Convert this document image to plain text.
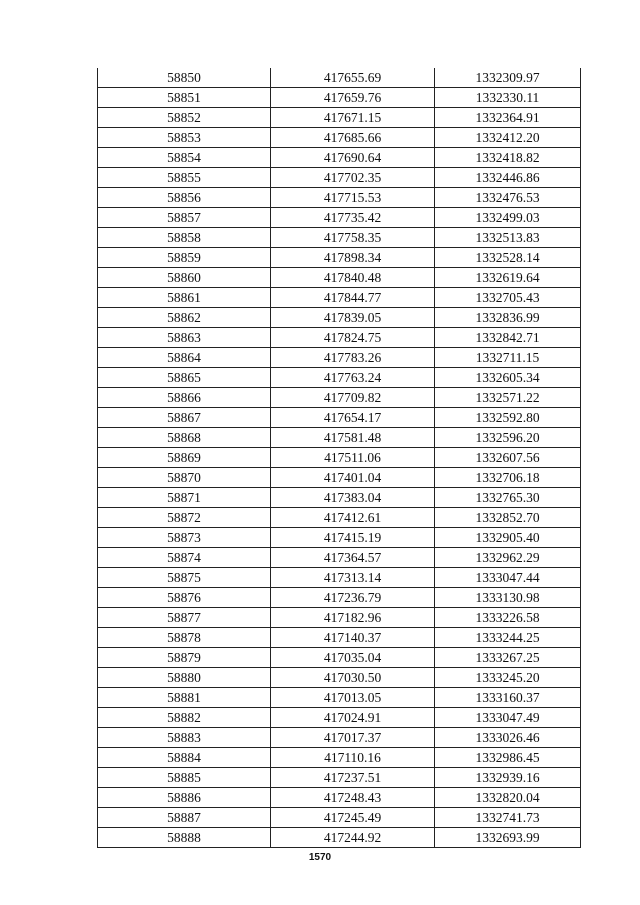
58850	417655.69	1332309.97
58851	417659.76	1332330.11
58852	417671.15	1332364.91
58853	417685.66	1332412.20
58854	417690.64	1332418.82
58855	417702.35	1332446.86
58856	417715.53	1332476.53
58857	417735.42	1332499.03
58858	417758.35	1332513.83
58859	417898.34	1332528.14
58860	417840.48	1332619.64
58861	417844.77	1332705.43
58862	417839.05	1332836.99
58863	417824.75	1332842.71
58864	417783.26	1332711.15
58865	417763.24	1332605.34
58866	417709.82	1332571.22
58867	417654.17	1332592.80
58868	417581.48	1332596.20
58869	417511.06	1332607.56
58870	417401.04	1332706.18
58871	417383.04	1332765.30
58872	417412.61	1332852.70
58873	417415.19	1332905.40
58874	417364.57	1332962.29
58875	417313.14	1333047.44
58876	417236.79	1333130.98
58877	417182.96	1333226.58
58878	417140.37	1333244.25
58879	417035.04	1333267.25
58880	417030.50	1333245.20
58881	417013.05	1333160.37
58882	417024.91	1333047.49
58883	417017.37	1333026.46
58884	417110.16	1332986.45
58885	417237.51	1332939.16
58886	417248.43	1332820.04
58887	417245.49	1332741.73
58888	417244.92	1332693.99
1570
